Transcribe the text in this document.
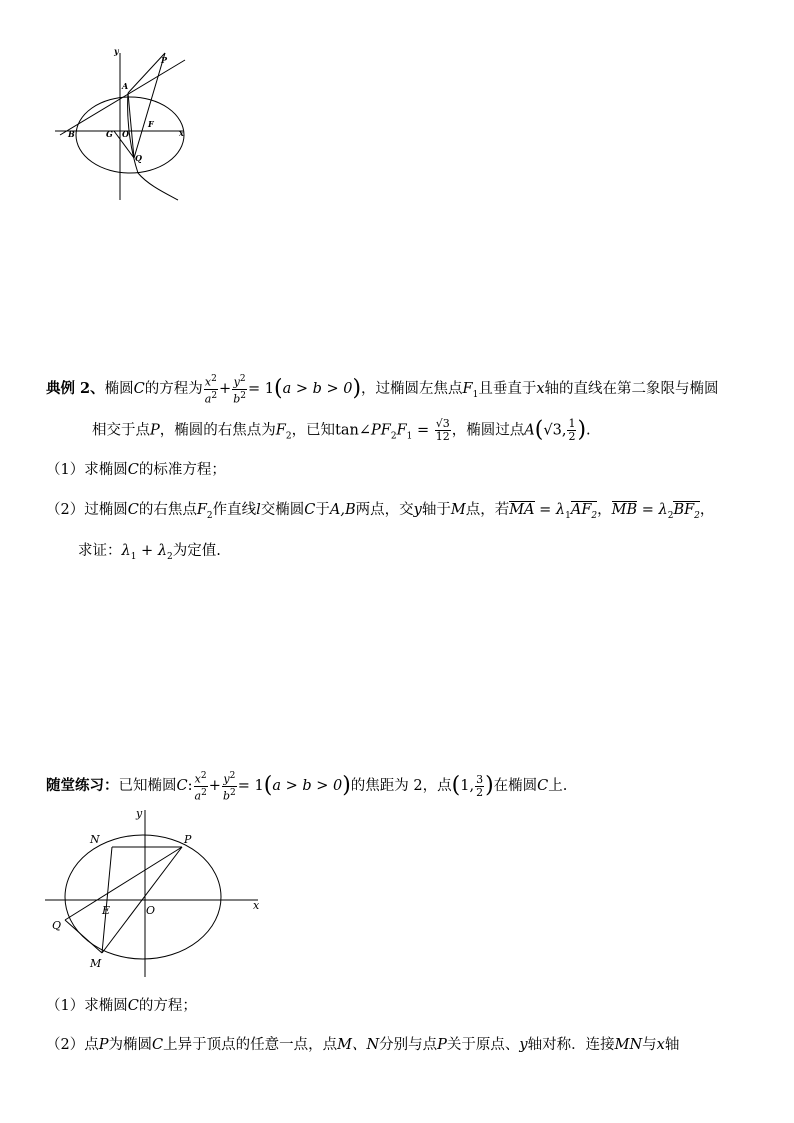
y
P
A
B	G O
F
x
Q
典例 2、椭圆C的方程为 $\frac{x^2}{a^2} + \frac{y^2}{b^2} = 1(a > b > 0)$，过椭圆左焦点$F_1$且垂直于x轴的直线在第二象限与椭圆
相交于点P，椭圆的右焦点为$F_2$，已知$\tan\angle PF_2F_1 = \frac{√3}{12}$ ，椭圆过点A(√3, $\frac{1}{2}$ ).
（1）求椭圆C的标准方程；
（2）过椭圆C的右焦点$F_2$作直线l交椭圆C于A,B两点，交y轴于M点，若MA = $\lambda_1AF_2$，MB = $\lambda_2BF_2$，
求证：$\lambda_1 + \lambda_2$为定值.
随堂练习：已知椭圆C: $\frac{x^2}{a^2} + \frac{y^2}{b^2} = 1(a > b > 0)$的焦距为 2，点(1, $\frac{3}{2}$ )在椭圆C上.
y
N	P
Q
E	O	x
M
（1）求椭圆C的方程；
（2）点P为椭圆C上异于顶点的任意一点，点M、N分别与点P关于原点、y轴对称．连接MN与x轴
